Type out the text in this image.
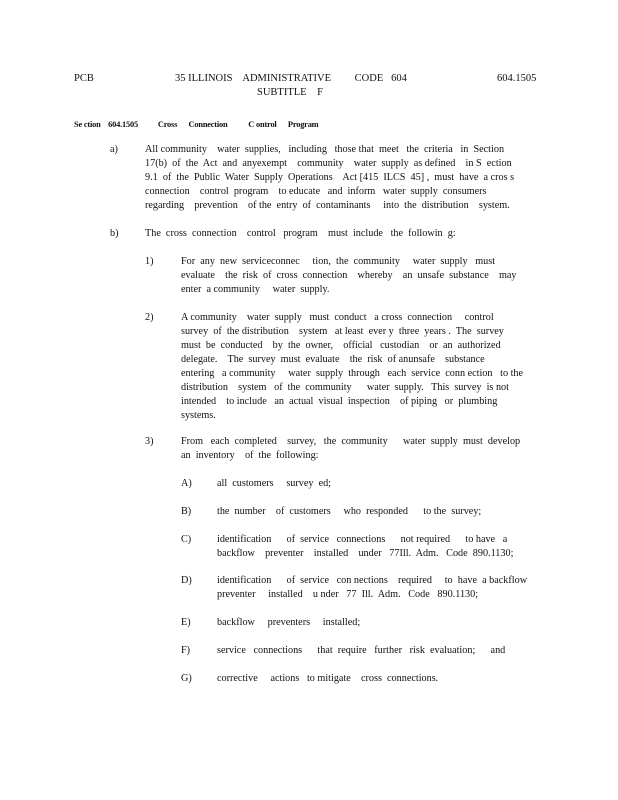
PCB	35 ILLINOIS    ADMINISTRATIVE         CODE   604
SUBTITLE    F
604.1505
Se ction    604.1505 Cross      Connection           C ontrol      Program
a)	All community    water  supplies,   including   those that  meet   the  criteria   in  Section

17(b)  of  the  Act  and  anyexempt    community    water  supply  as defined    in S  ection

9.1  of  the  Public  Water  Supply  Operations    Act [415  ILCS  45] ,  must  have  a cros s

connection    control  program    to educate   and  inform   water  supply  consumers

regarding    prevention    of the  entry  of  contaminants     into  the  distribution    system.

b)	The  cross  connection    control   program    must  include   the  followin  g:

1)	For  any  new  serviceconnec     tion,  the  community     water  supply   must

evaluate    the  risk  of  cross  connection    whereby    an  unsafe  substance    may

enter  a community     water  supply.

2)	A community    water  supply   must  conduct   a cross  connection     control

survey  of  the distribution    system   at least  ever y  three  years .  The  survey

must  be  conducted    by  the  owner,    official   custodian    or  an  authorized

delegate.    The  survey  must  evaluate    the  risk  of anunsafe    substance

entering   a community     water  supply  through   each  service  conn ection   to the

distribution    system   of  the  community      water  supply.   This  survey  is not

intended    to include   an  actual  visual  inspection    of piping   or  plumbing

systems.

3)	From   each  completed    survey,   the  community      water  supply  must  develop

an  inventory    of  the  following:

A) all  customers     survey  ed;

B)	the  number    of  customers     who  responded      to the  survey;

C)	identification      of  service   connections      not required      to have   a

backflow    preventer    installed    under   77Ill.  Adm.   Code  890.1130;

D) identification      of  service   con nections    required     to  have  a backflow

preventer     installed    u nder   77  Ill.  Adm.   Code   890.1130;

E)	backflow     preventers     installed;

F)	service   connections      that  require   further   risk  evaluation;      and

G) corrective     actions   to mitigate    cross  connections.
